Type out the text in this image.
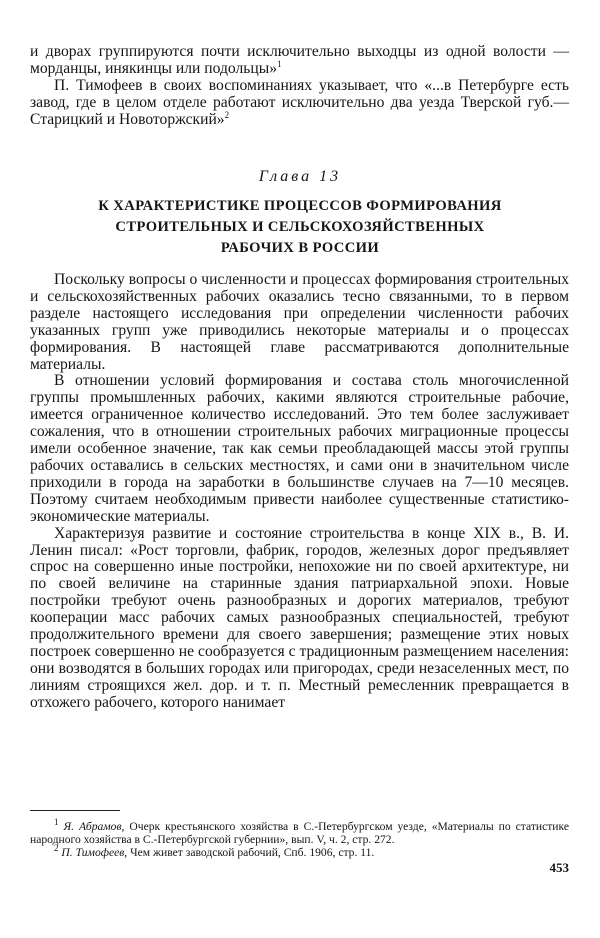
и дворах группируются почти исключительно выходцы из одной волости — морданцы, инякинцы или подольцы»$^1$

П. Тимофеев в своих воспоминаниях указывает, что «...в Петербурге есть завод, где в целом отделе работают исключительно два уезда Тверской губ.— Старицкий и Новоторжский»$^2$

Глава 13
К ХАРАКТЕРИСТИКЕ ПРОЦЕССОВ ФОРМИРОВАНИЯ
СТРОИТЕЛЬНЫХ И СЕЛЬСКОХОЗЯЙСТВЕННЫХ
РАБОЧИХ В РОССИИ

Поскольку вопросы о численности и процессах формирования строительных и сельскохозяйственных рабочих оказались тесно связанными, то в первом разделе настоящего исследования при определении численности рабочих указанных групп уже приводились некоторые материалы и о процессах формирования. В настоящей главе рассматриваются дополнительные материалы.

В отношении условий формирования и состава столь многочисленной группы промышленных рабочих, какими являются строительные рабочие, имеется ограниченное количество исследований. Это тем более заслуживает сожаления, что в отношении строительных рабочих миграционные процессы имели особенное значение, так как семьи преобладающей массы этой группы рабочих оставались в сельских местностях, и сами они в значительном числе приходили в города на заработки в большинстве случаев на 7—10 месяцев. Поэтому считаем необходимым привести наиболее существенные статистико-экономические материалы.

Характеризуя развитие и состояние строительства в конце XIX в., В. И. Ленин писал: «Рост торговли, фабрик, городов, железных дорог предъявляет спрос на совершенно иные постройки, непохожие ни по своей архитектуре, ни по своей величине на старинные здания патриархальной эпохи. Новые постройки требуют очень разнообразных и дорогих материалов, требуют кооперации масс рабочих самых разнообразных специальностей, требуют продолжительного времени для своего завершения; размещение этих новых построек совершенно не сообразуется с традиционным размещением населения: они возводятся в больших городах или пригородах, среди незаселенных мест, по линиям строящихся жел. дор. и т. п. Местный ремесленник превращается в отхожего рабочего, которого нанимает

$^1$ Я. Абрамов, Очерк крестьянского хозяйства в С.-Петербургском уезде, «Материалы по статистике народного хозяйства в С.-Петербургской губернии», вып. V, ч. 2, стр. 272.

$^2$ П. Тимофеев, Чем живет заводской рабочий, Спб. 1906, стр. 11.

453
